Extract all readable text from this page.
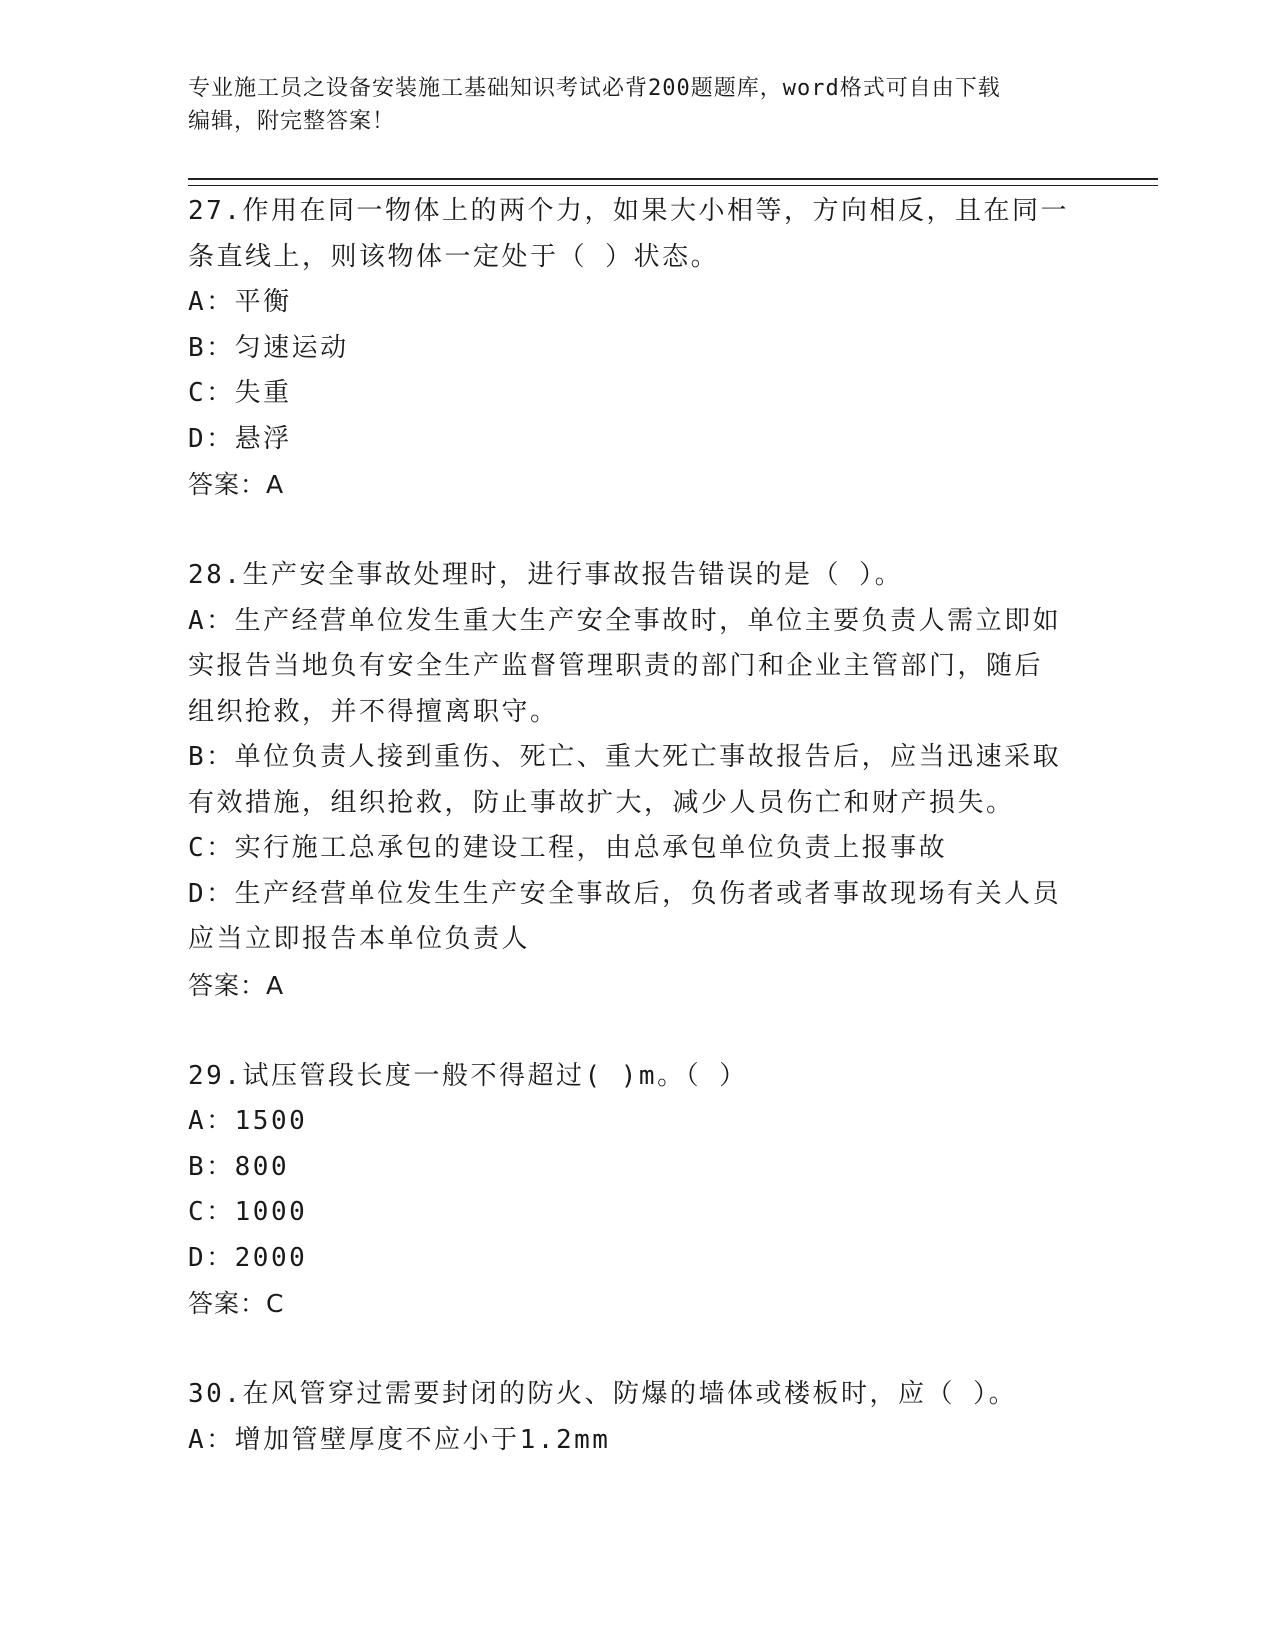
专业施工员之设备安装施工基础知识考试必背200题题库，word格式可自由下载
编辑，附完整答案！
27.作用在同一物体上的两个力，如果大小相等，方向相反，且在同一
条直线上，则该物体一定处于（ ）状态。
A：平衡
B：匀速运动
C：失重
D：悬浮
答案：A
28.生产安全事故处理时，进行事故报告错误的是（ ）。
A：生产经营单位发生重大生产安全事故时，单位主要负责人需立即如
实报告当地负有安全生产监督管理职责的部门和企业主管部门，随后
组织抢救，并不得擅离职守。
B：单位负责人接到重伤、死亡、重大死亡事故报告后，应当迅速采取
有效措施，组织抢救，防止事故扩大，减少人员伤亡和财产损失。
C：实行施工总承包的建设工程，由总承包单位负责上报事故
D：生产经营单位发生生产安全事故后，负伤者或者事故现场有关人员
应当立即报告本单位负责人
答案：A
29.试压管段长度一般不得超过( )m。（ ）
A：1500
B：800
C：1000
D：2000
答案：C
30.在风管穿过需要封闭的防火、防爆的墙体或楼板时，应（ ）。
A：增加管壁厚度不应小于1.2mm
